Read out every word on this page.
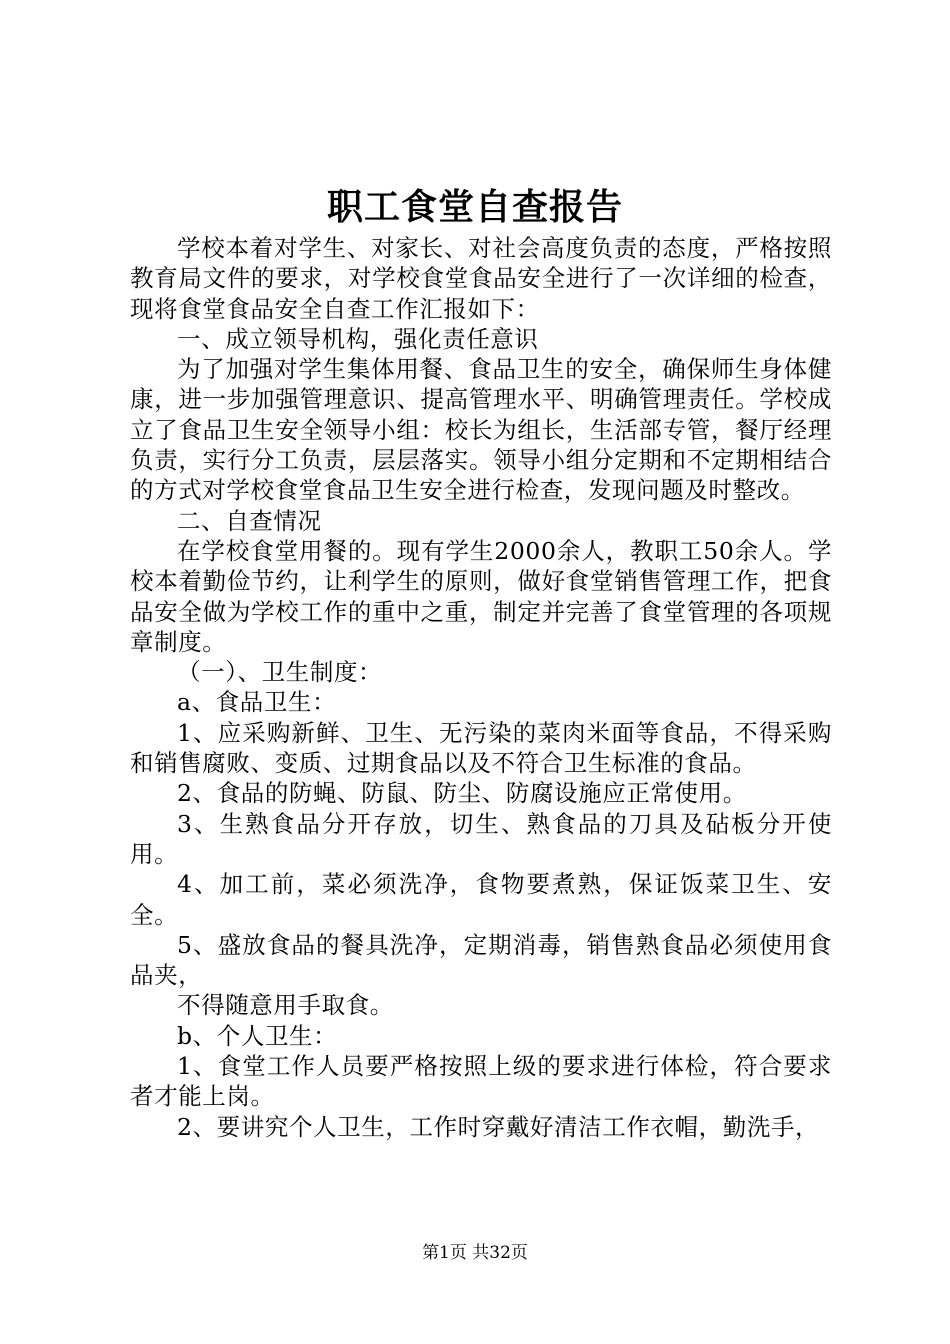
职工食堂自查报告

学校本着对学生、对家长、对社会高度负责的态度，严格按照教育局文件的要求，对学校食堂食品安全进行了一次详细的检查，现将食堂食品安全自查工作汇报如下：

一、成立领导机构，强化责任意识

为了加强对学生集体用餐、食品卫生的安全，确保师生身体健康，进一步加强管理意识、提高管理水平、明确管理责任。学校成立了食品卫生安全领导小组：校长为组长，生活部专管，餐厅经理负责，实行分工负责，层层落实。领导小组分定期和不定期相结合的方式对学校食堂食品卫生安全进行检查，发现问题及时整改。

二、自查情况

在学校食堂用餐的。现有学生2000余人，教职工50余人。学校本着勤俭节约，让利学生的原则，做好食堂销售管理工作，把食品安全做为学校工作的重中之重，制定并完善了食堂管理的各项规章制度。

（一）、卫生制度：

a、食品卫生：

1、应采购新鲜、卫生、无污染的菜肉米面等食品，不得采购和销售腐败、变质、过期食品以及不符合卫生标准的食品。

2、食品的防蝇、防鼠、防尘、防腐设施应正常使用。

3、生熟食品分开存放，切生、熟食品的刀具及砧板分开使用。

4、加工前，菜必须洗净，食物要煮熟，保证饭菜卫生、安全。

5、盛放食品的餐具洗净，定期消毒，销售熟食品必须使用食品夹，

不得随意用手取食。

b、个人卫生：

1、食堂工作人员要严格按照上级的要求进行体检，符合要求者才能上岗。

2、要讲究个人卫生，工作时穿戴好清洁工作衣帽，勤洗手，

第1页 共32页
